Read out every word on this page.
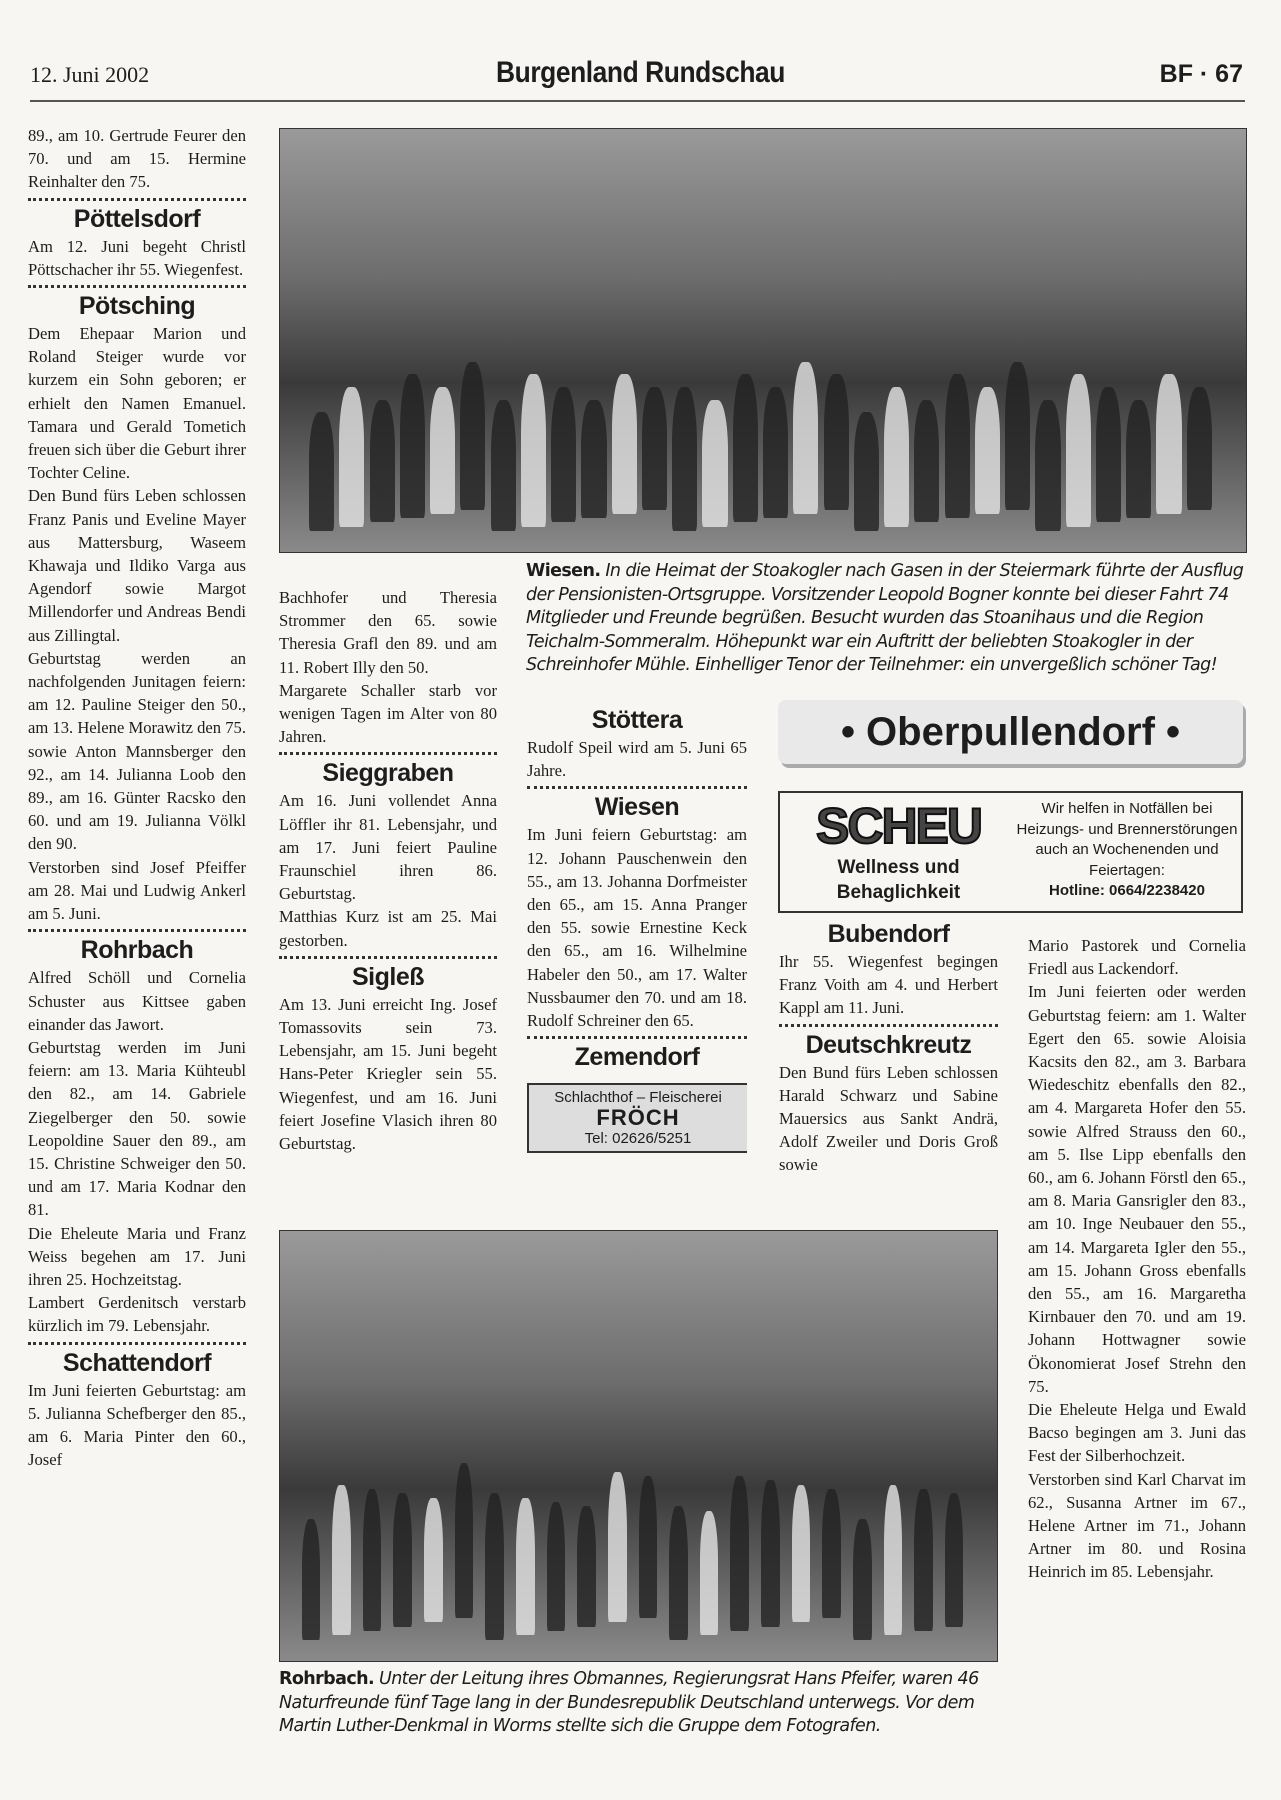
12. Juni 2002	Burgenland Rundschau	BF · 67

89., am 10. Gertrude Feurer den 70. und am 15. Hermine Reinhalter den 75.

Pöttelsdorf

Am 12. Juni begeht Christl Pöttschacher ihr 55. Wiegenfest.

Pötsching

Dem Ehepaar Marion und Roland Steiger wurde vor kurzem ein Sohn geboren; er erhielt den Namen Emanuel. Tamara und Gerald Tometich freuen sich über die Geburt ihrer Tochter Celine.

Den Bund fürs Leben schlossen Franz Panis und Eveline Mayer aus Mattersburg, Waseem Khawaja und Ildiko Varga aus Agendorf sowie Margot Millendorfer und Andreas Bendi aus Zillingtal.

Geburtstag werden an nachfolgenden Junitagen feiern: am 12. Pauline Steiger den 50., am 13. Helene Morawitz den 75. sowie Anton Mannsberger den 92., am 14. Julianna Loob den 89., am 16. Günter Racsko den 60. und am 19. Julianna Völkl den 90.

Verstorben sind Josef Pfeiffer am 28. Mai und Ludwig Ankerl am 5. Juni.

Rohrbach

Alfred Schöll und Cornelia Schuster aus Kittsee gaben einander das Jawort.

Geburtstag werden im Juni feiern: am 13. Maria Kühteubl den 82., am 14. Gabriele Ziegelberger den 50. sowie Leopoldine Sauer den 89., am 15. Christine Schweiger den 50. und am 17. Maria Kodnar den 81.

Die Eheleute Maria und Franz Weiss begehen am 17. Juni ihren 25. Hochzeitstag.

Lambert Gerdenitsch verstarb kürzlich im 79. Lebensjahr.

Schattendorf

Im Juni feierten Geburtstag: am 5. Julianna Schefberger den 85., am 6. Maria Pinter den 60., Josef

Bachhofer und Theresia Strommer den 65. sowie Theresia Grafl den 89. und am 11. Robert Illy den 50.

Margarete Schaller starb vor wenigen Tagen im Alter von 80 Jahren.

Sieggraben

Am 16. Juni vollendet Anna Löffler ihr 81. Lebensjahr, und am 17. Juni feiert Pauline Fraunschiel ihren 86. Geburtstag.

Matthias Kurz ist am 25. Mai gestorben.

Sigleß

Am 13. Juni erreicht Ing. Josef Tomassovits sein 73. Lebensjahr, am 15. Juni begeht Hans-Peter Kriegler sein 55. Wiegenfest, und am 16. Juni feiert Josefine Vlasich ihren 80 Geburtstag.

Stöttera

Rudolf Speil wird am 5. Juni 65 Jahre.

Wiesen

Im Juni feiern Geburtstag: am 12. Johann Pauschenwein den 55., am 13. Johanna Dorfmeister den 65., am 15. Anna Pranger den 55. sowie Ernestine Keck den 65., am 16. Wilhelmine Habeler den 50., am 17. Walter Nussbaumer den 70. und am 18. Rudolf Schreiner den 65.

Zemendorf
Schlachthof – Fleischerei
FRÖCH
Tel: 02626/5251
Bubendorf

Ihr 55. Wiegenfest begingen Franz Voith am 4. und Herbert Kappl am 11. Juni.

Deutschkreutz

Den Bund fürs Leben schlossen Harald Schwarz und Sabine Mauersics aus Sankt Andrä, Adolf Zweiler und Doris Groß sowie

Mario Pastorek und Cornelia Friedl aus Lackendorf.

Im Juni feierten oder werden Geburtstag feiern: am 1. Walter Egert den 65. sowie Aloisia Kacsits den 82., am 3. Barbara Wiedeschitz ebenfalls den 82., am 4. Margareta Hofer den 55. sowie Alfred Strauss den 60., am 5. Ilse Lipp ebenfalls den 60., am 6. Johann Förstl den 65., am 8. Maria Gansrigler den 83., am 10. Inge Neubauer den 55., am 14. Margareta Igler den 55., am 15. Johann Gross ebenfalls den 55., am 16. Margaretha Kirnbauer den 70. und am 19. Johann Hottwagner sowie Ökonomierat Josef Strehn den 75.

Die Eheleute Helga und Ewald Bacso begingen am 3. Juni das Fest der Silberhochzeit.

Verstorben sind Karl Charvat im 62., Susanna Artner im 67., Helene Artner im 71., Johann Artner im 80. und Rosina Heinrich im 85. Lebensjahr.

Wiesen. In die Heimat der Stoakogler nach Gasen in der Steiermark führte der Ausflug der Pensionisten-Ortsgruppe. Vorsitzender Leopold Bogner konnte bei dieser Fahrt 74 Mitglieder und Freunde begrüßen. Besucht wurden das Stoanihaus und die Region Teichalm-Sommeralm. Höhepunkt war ein Auftritt der beliebten Stoakogler in der Schreinhofer Mühle. Einhelliger Tenor der Teilnehmer: ein unvergeßlich schöner Tag!
• Oberpullendorf •
SCHEU
Wellness und
Behaglichkeit
Wir helfen in Notfällen bei Heizungs- und Brennerstörungen auch an Wochenenden und Feiertagen:
Hotline: 0664/2238420
Rohrbach. Unter der Leitung ihres Obmannes, Regierungsrat Hans Pfeifer, waren 46 Naturfreunde fünf Tage lang in der Bundesrepublik Deutschland unterwegs. Vor dem Martin Luther-Denkmal in Worms stellte sich die Gruppe dem Fotografen.
